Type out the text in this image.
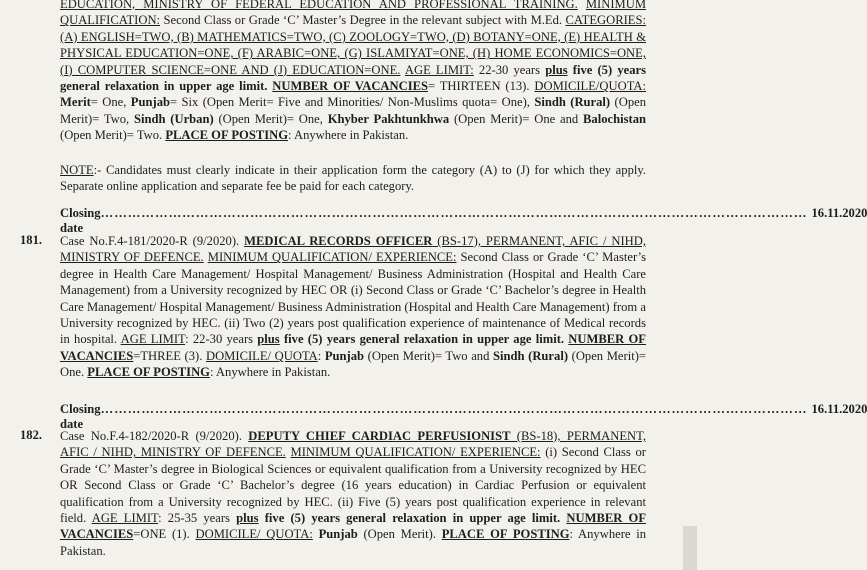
EDUCATION, MINISTRY OF FEDERAL EDUCATION AND PROFESSIONAL TRAINING. MINIMUM QUALIFICATION: Second Class or Grade ‘C’ Master’s Degree in the relevant subject with M.Ed. CATEGORIES: (A) ENGLISH=TWO, (B) MATHEMATICS=TWO, (C) ZOOLOGY=TWO, (D) BOTANY=ONE, (E) HEALTH & PHYSICAL EDUCATION=ONE, (F) ARABIC=ONE, (G) ISLAMIYAT=ONE, (H) HOME ECONOMICS=ONE, (I) COMPUTER SCIENCE=ONE AND (J) EDUCATION=ONE. AGE LIMIT: 22-30 years plus five (5) years general relaxation in upper age limit. NUMBER OF VACANCIES= THIRTEEN (13). DOMICILE/QUOTA: Merit= One, Punjab= Six (Open Merit= Five and Minorities/ Non-Muslims quota= One), Sindh (Rural) (Open Merit)= Two, Sindh (Urban) (Open Merit)= One, Khyber Pakhtunkhwa (Open Merit)= One and Balochistan (Open Merit)= Two. PLACE OF POSTING: Anywhere in Pakistan.

NOTE:- Candidates must clearly indicate in their application form the category (A) to (J) for which they apply. Separate online application and separate fee be paid for each category.

Closing date
………………………………………………………………………………………………………………………………………… 16.11.2020
181. Case No.F.4-181/2020-R (9/2020). MEDICAL RECORDS OFFICER (BS-17), PERMANENT, AFIC / NIHD, MINISTRY OF DEFENCE. MINIMUM QUALIFICATION/ EXPERIENCE: Second Class or Grade ‘C’ Master’s degree in Health Care Management/ Hospital Management/ Business Administration (Hospital and Health Care Management) from a University recognized by HEC OR (i) Second Class or Grade ‘C’ Bachelor’s degree in Health Care Management/ Hospital Management/ Business Administration (Hospital and Health Care Management) from a University recognized by HEC. (ii) Two (2) years post qualification experience of maintenance of Medical records in hospital. AGE LIMIT: 22-30 years plus five (5) years general relaxation in upper age limit. NUMBER OF VACANCIES=THREE (3). DOMICILE/ QUOTA: Punjab (Open Merit)= Two and Sindh (Rural) (Open Merit)= One. PLACE OF POSTING: Anywhere in Pakistan.

Closing date
………………………………………………………………………………………………………………………………………… 16.11.2020
182. Case No.F.4-182/2020-R (9/2020). DEPUTY CHIEF CARDIAC PERFUSIONIST (BS-18), PERMANENT, AFIC / NIHD, MINISTRY OF DEFENCE. MINIMUM QUALIFICATION/ EXPERIENCE: (i) Second Class or Grade ‘C’ Master’s degree in Biological Sciences or equivalent qualification from a University recognized by HEC OR Second Class or Grade ‘C’ Bachelor’s degree (16 years education) in Cardiac Perfusion or equivalent qualification from a University recognized by HEC. (ii) Five (5) years post qualification experience in relevant field. AGE LIMIT: 25-35 years plus five (5) years general relaxation in upper age limit. NUMBER OF VACANCIES=ONE (1). DOMICILE/ QUOTA: Punjab (Open Merit). PLACE OF POSTING: Anywhere in Pakistan.
